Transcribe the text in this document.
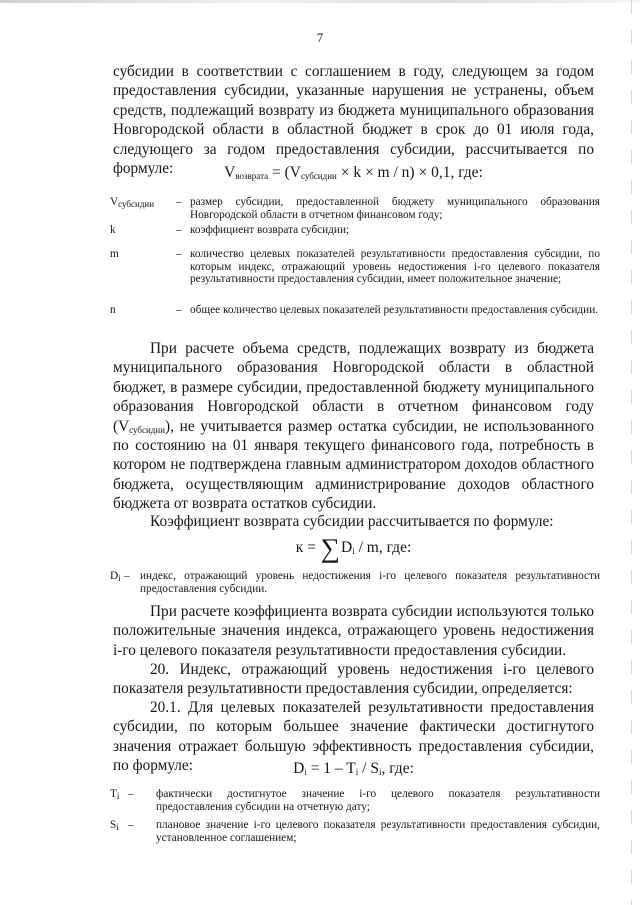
7
субсидии в соответствии с соглашением в году, следующем за годом предоставления субсидии, указанные нарушения не устранены, объем средств, подлежащий возврату из бюджета муниципального образования Новгородской области в областной бюджет в срок до 01 июля года, следующего за годом предоставления субсидии, рассчитывается по формуле:	$V_{возврата} = (V_{субсидии} \times k \times m / n) \times 0,1$, где:
$V_{субсидии}$ – размер субсидии, предоставленной бюджету муниципального образования Новгородской области в отчетном финансовом году;
k	– коэффициент возврата субсидии;
m	– количество целевых показателей результативности предоставления субсидии, по которым индекс, отражающий уровень недостижения i-го целевого показателя результативности предоставления субсидии, имеет положительное значение;
n	– общее количество целевых показателей результативности предоставления субсидии.
При расчете объема средств, подлежащих возврату из бюджета муниципального образования Новгородской области в областной бюджет, в размере субсидии, предоставленной бюджету муниципального образования Новгородской области в отчетном финансовом году $(V_{субсидии})$, не учитывается размер остатка субсидии, не использованного по состоянию на 01 января текущего финансового года, потребность в котором не подтверждена главным администратором доходов областного бюджета, осуществляющим администрирование доходов областного бюджета от возврата остатков субсидии.
Коэффициент возврата субсидии рассчитывается по формуле:
$к = \sum D_i / m$, где:
$D_i$ – индекс, отражающий уровень недостижения i-го целевого показателя результативности предоставления субсидии.
При расчете коэффициента возврата субсидии используются только положительные значения индекса, отражающего уровень недостижения i-го целевого показателя результативности предоставления субсидии.
20. Индекс, отражающий уровень недостижения i-го целевого показателя результативности предоставления субсидии, определяется:
20.1. Для целевых показателей результативности предоставления субсидии, по которым большее значение фактически достигнутого значения отражает большую эффективность предоставления субсидии, по формуле:	$D_i = 1 - T_i / S_i$, где:
$T_i$ – фактически достигнутое значение i-го целевого показателя результативности предоставления субсидии на отчетную дату;
$S_i$ – плановое значение i-го целевого показателя результативности предоставления субсидии, установленное соглашением;
